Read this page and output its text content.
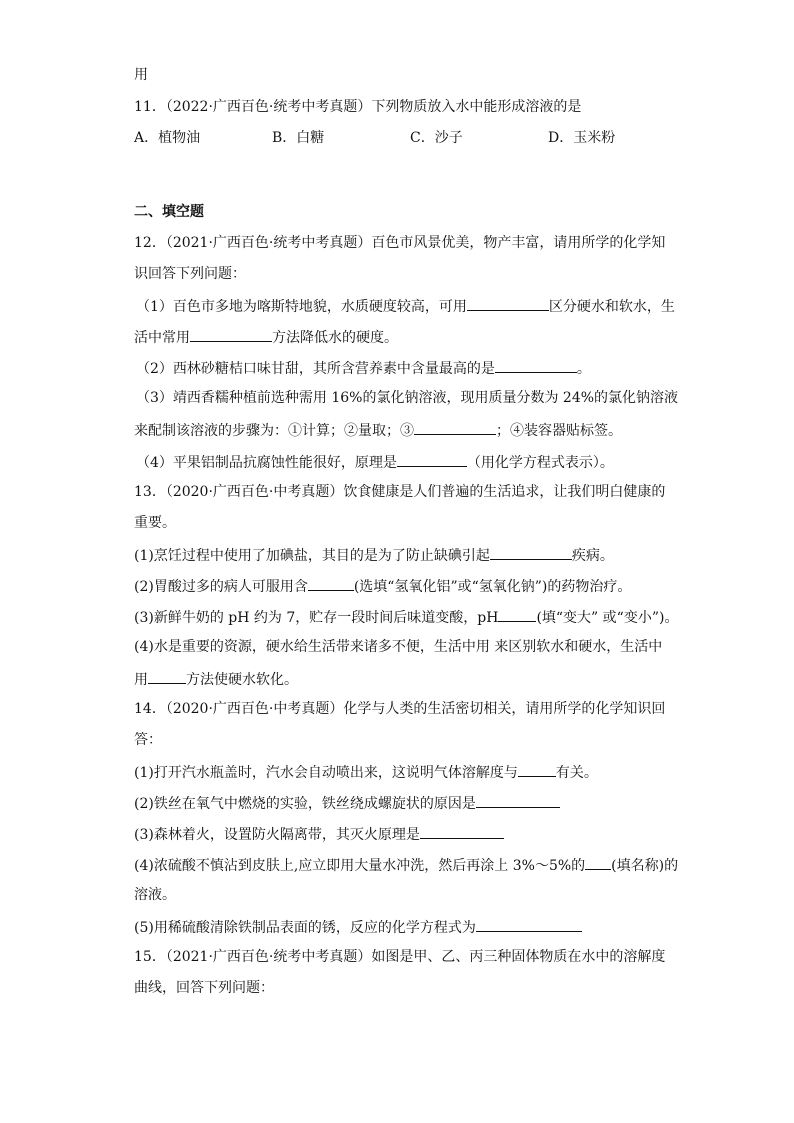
用
11．（2022·广西百色·统考中考真题）下列物质放入水中能形成溶液的是
A．植物油	B．白糖	C．沙子	D．玉米粉
二、填空题
12．（2021·广西百色·统考中考真题）百色市风景优美，物产丰富，请用所学的化学知
识回答下列问题：
（1）百色市多地为喀斯特地貌，水质硬度较高，可用	区分硬水和软水，生
活中常用	方法降低水的硬度。
（2）西林砂糖桔口味甘甜，其所含营养素中含量最高的是	。
（3）靖西香糯种植前选种需用 16%的氯化钠溶液，现用质量分数为 24%的氯化钠溶液
来配制该溶液的步骤为：①计算；②量取；③	；④装容器贴标签。
（4）平果铝制品抗腐蚀性能很好，原理是	（用化学方程式表示）。
13．（2020·广西百色·中考真题）饮食健康是人们普遍的生活追求，让我们明白健康的
重要。
(1)烹饪过程中使用了加碘盐，其目的是为了防止缺碘引起	疾病。
(2)胃酸过多的病人可服用含	(选填“氢氧化铝”或“氢氧化钠”)的药物治疗。
(3)新鲜牛奶的 pH 约为 7，贮存一段时间后味道变酸，pH	(填“变大” 或“变小”)。
(4)水是重要的资源，硬水给生活带来诸多不便，生活中用 来区别软水和硬水，生活中
用	方法使硬水软化。
14．（2020·广西百色·中考真题）化学与人类的生活密切相关，请用所学的化学知识回
答：
(1)打开汽水瓶盖时，汽水会自动喷出来，这说明气体溶解度与	有关。
(2)铁丝在氧气中燃烧的实验，铁丝绕成螺旋状的原因是
(3)森林着火，设置防火隔离带，其灭火原理是
(4)浓硫酸不慎沾到皮肤上,应立即用大量水冲洗，然后再涂上 3%～5%的 (填名称)的
溶液。
(5)用稀硫酸清除铁制品表面的锈，反应的化学方程式为
15．（2021·广西百色·统考中考真题）如图是甲、乙、丙三种固体物质在水中的溶解度
曲线，回答下列问题：
